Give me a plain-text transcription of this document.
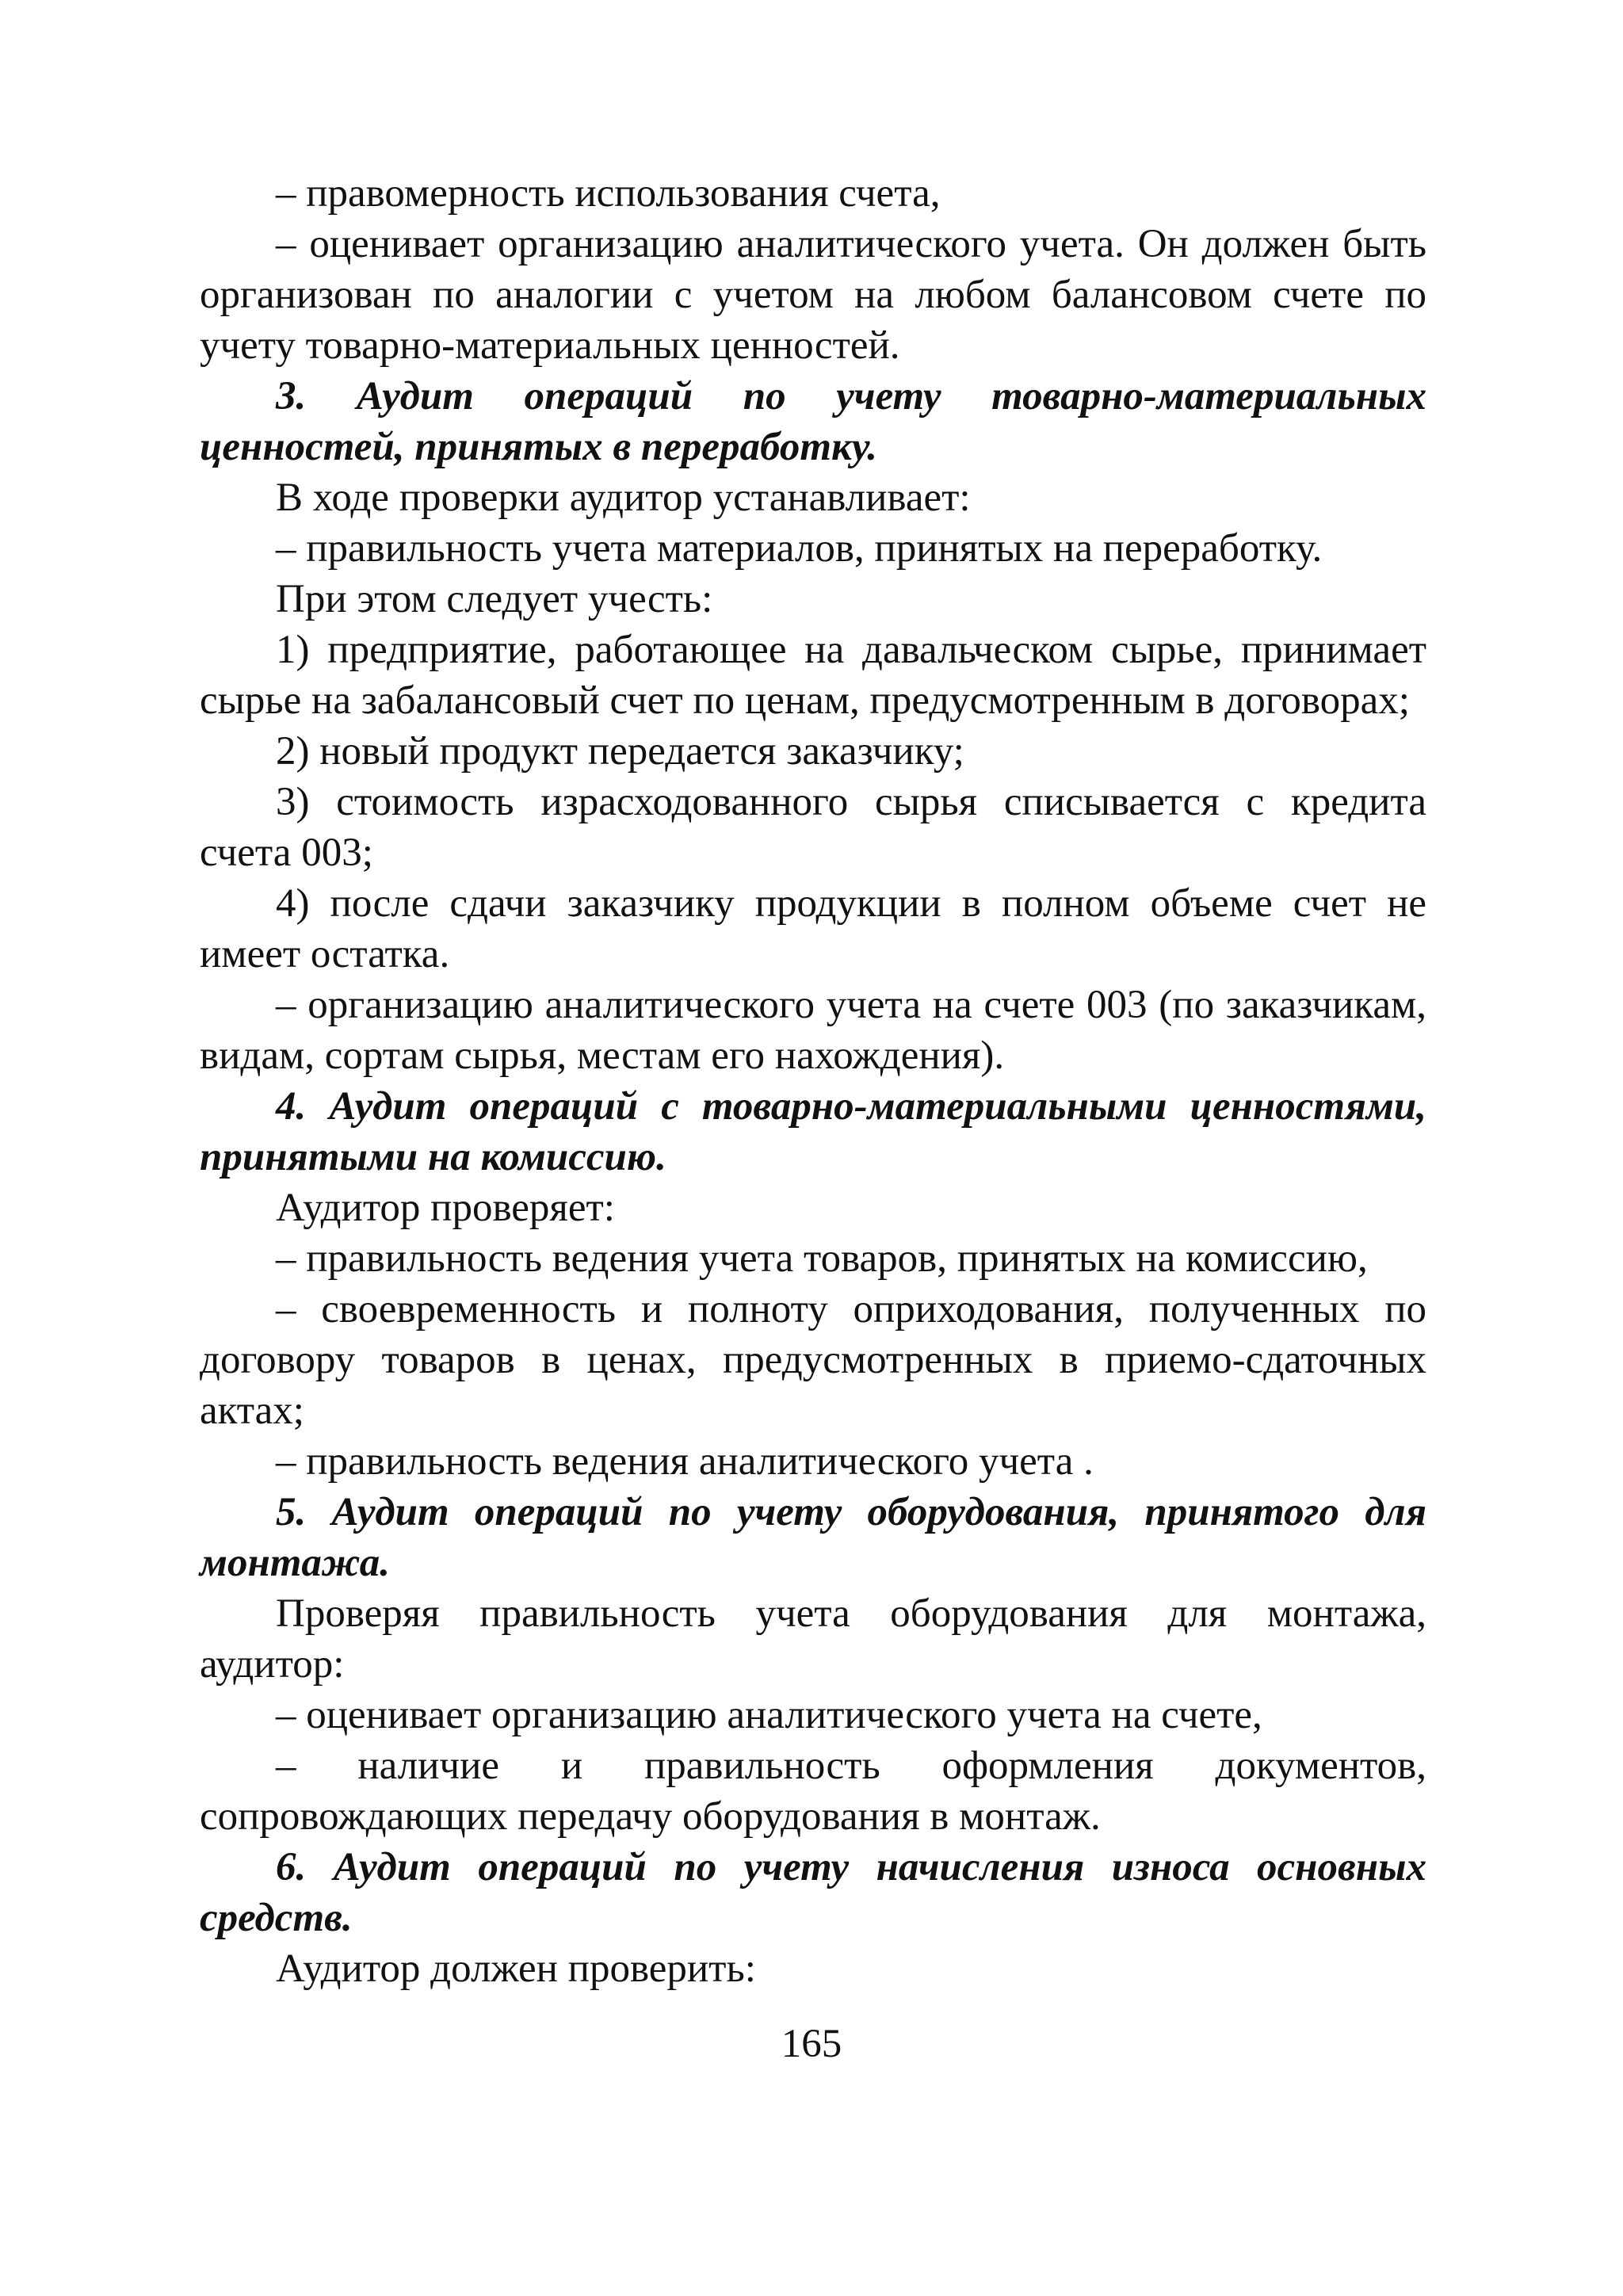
– правомерность использования счета,

– оценивает организацию аналитического учета. Он должен быть организован по аналогии с учетом на любом балансовом счете по учету товарно-материальных ценностей.

3. Аудит операций по учету товарно-материальных ценностей, принятых в переработку.

В ходе проверки аудитор устанавливает:

– правильность учета материалов, принятых на переработку.

При этом следует учесть:

1) предприятие, работающее на давальческом сырье, принимает сырье на забалансовый счет по ценам, предусмотренным в договорах;

2) новый продукт передается заказчику;

3) стоимость израсходованного сырья списывается с кредита счета 003;

4) после сдачи заказчику продукции в полном объеме счет не имеет остатка.

– организацию аналитического учета на счете 003 (по заказчикам, видам, сортам сырья, местам его нахождения).

4. Аудит операций с товарно-материальными ценностями, принятыми на комиссию.

Аудитор проверяет:

– правильность ведения учета товаров, принятых на комиссию,

– своевременность и полноту оприходования, полученных по договору товаров в ценах, предусмотренных в приемо-сдаточных актах;

– правильность ведения аналитического учета .

5. Аудит операций по учету оборудования, принятого для монтажа.

Проверяя правильность учета оборудования для монтажа, аудитор:

– оценивает организацию аналитического учета на счете,

– наличие и правильность оформления документов, сопровождающих передачу оборудования в монтаж.

6. Аудит операций по учету начисления износа основных средств.

Аудитор должен проверить:

165
